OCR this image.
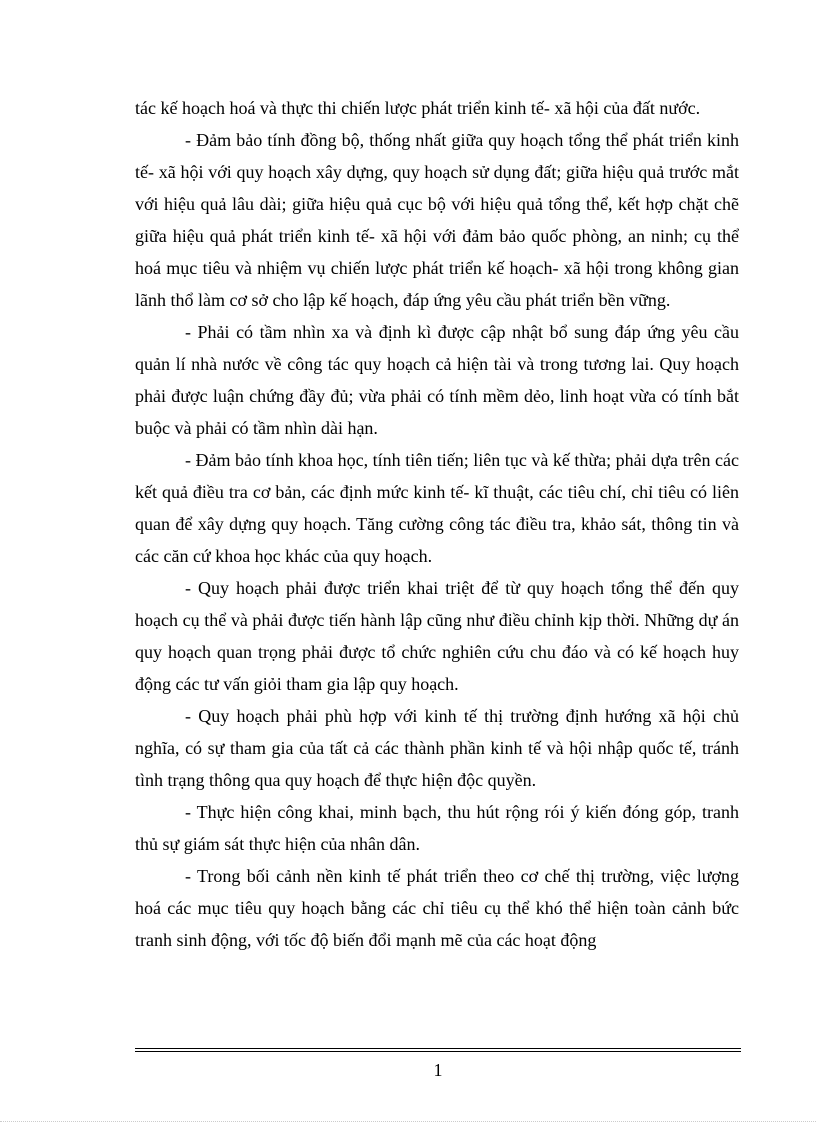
tác kế hoạch hoá và thực thi chiến lược phát triển kinh tế- xã hội của đất nước.

- Đảm bảo tính đồng bộ, thống nhất giữa quy hoạch tổng thể phát triển kinh tế- xã hội với quy hoạch xây dựng, quy hoạch sử dụng đất; giữa hiệu quả trước mắt với hiệu quả lâu dài; giữa hiệu quả cục bộ với hiệu quả tổng thể, kết hợp chặt chẽ giữa hiệu quả phát triển kinh tế- xã hội với đảm bảo quốc phòng, an ninh; cụ thể hoá mục tiêu và nhiệm vụ chiến lược phát triển kế hoạch- xã hội trong không gian lãnh thổ làm cơ sở cho lập kế hoạch, đáp ứng yêu cầu phát triển bền vững.

- Phải có tầm nhìn xa và định kì được cập nhật bổ sung đáp ứng yêu cầu quản lí nhà nước về công tác quy hoạch cả hiện tài và trong tương lai. Quy hoạch phải được luận chứng đầy đủ; vừa phải có tính mềm dẻo, linh hoạt vừa có tính bắt buộc và phải có tầm nhìn dài hạn.

- Đảm bảo tính khoa học, tính tiên tiến; liên tục và kế thừa; phải dựa trên các kết quả điều tra cơ bản, các định mức kinh tế- kĩ thuật, các tiêu chí, chỉ tiêu có liên quan để xây dựng quy hoạch. Tăng cường công tác điều tra, khảo sát, thông tin và các căn cứ khoa học khác của quy hoạch.

- Quy hoạch phải được triển khai triệt để từ quy hoạch tổng thể đến quy hoạch cụ thể và phải được tiến hành lập cũng như điều chỉnh kịp thời. Những dự án quy hoạch quan trọng phải được tổ chức nghiên cứu chu đáo và có kế hoạch huy động các tư vấn giỏi tham gia lập quy hoạch.

- Quy hoạch phải phù hợp với kinh tế thị trường định hướng xã hội chủ nghĩa, có sự tham gia của tất cả các thành phần kinh tế và hội nhập quốc tế, tránh tình trạng thông qua quy hoạch để thực hiện độc quyền.

- Thực hiện công khai, minh bạch, thu hút rộng rói ý kiến đóng góp, tranh thủ sự giám sát thực hiện của nhân dân.

- Trong bối cảnh nền kinh tế phát triển theo cơ chế thị trường, việc lượng hoá các mục tiêu quy hoạch bằng các chỉ tiêu cụ thể khó thể hiện toàn cảnh bức tranh sinh động, với tốc độ biến đổi mạnh mẽ của các hoạt động

1
